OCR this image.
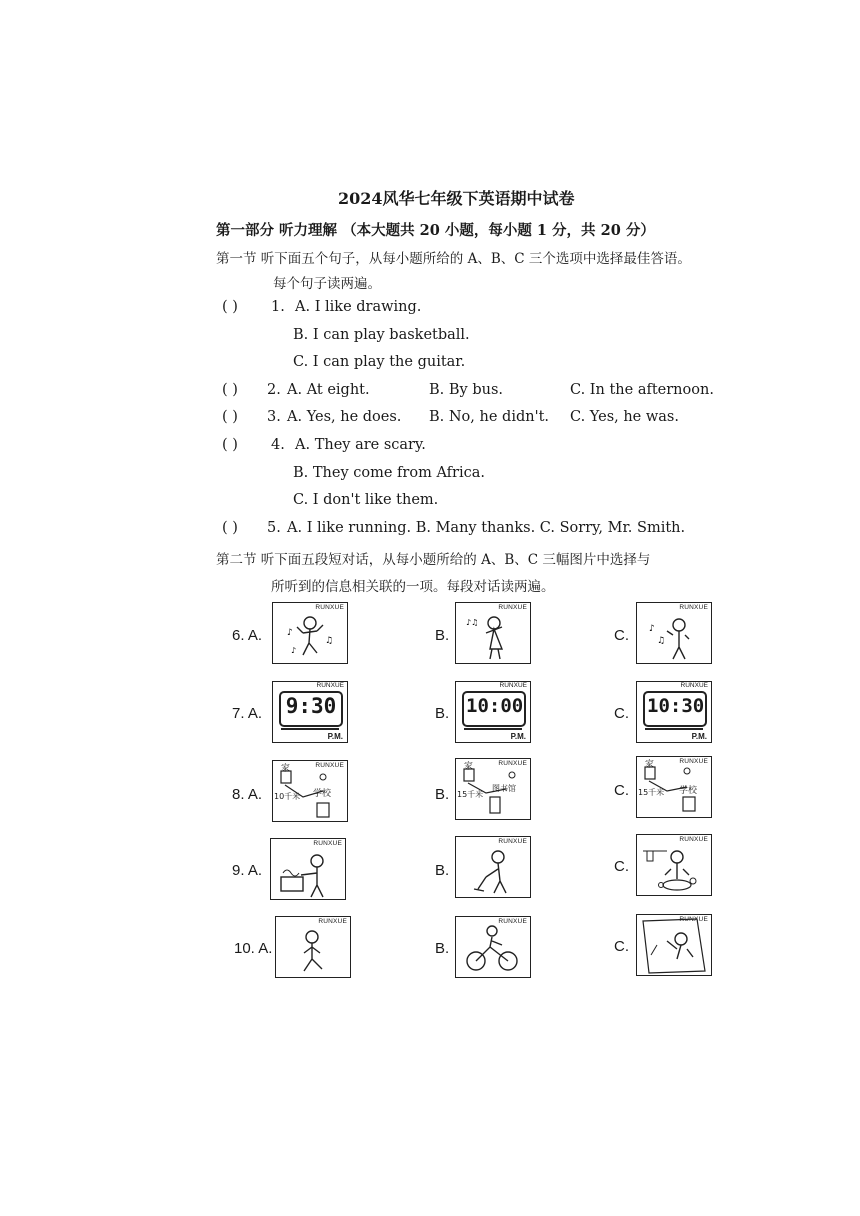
2024风华七年级下英语期中试卷
第一部分 听力理解 （本大题共 20 小题，每小题 1 分，共 20 分）
第一节 听下面五个句子，从每小题所给的 A、B、C 三个选项中选择最佳答语。
每个句子读两遍。
( ) 1. A. I like drawing.
B. I can play basketball.
C. I can play the guitar.
( ) 2. A. At eight.	B. By bus.	C. In the afternoon.
( ) 3. A. Yes, he does. B. No, he didn't. C. Yes, he was.
( ) 4. A. They are scary.
B. They come from Africa.
C. I don't like them.
( ) 5. A. I like running. B. Many thanks. C. Sorry, Mr. Smith.
第二节 听下面五段短对话，从每小题所给的 A、B、C 三幅图片中选择与
所听到的信息相关联的一项。每段对话读两遍。
6. A.
RUNXUE
♪
♫
♪
B.
RUNXUE
♪♫
C.
RUNXUE
♪
♫
7. A.
RUNXUE
9:30
P.M.
B.
RUNXUE
10:00
P.M.
C.
RUNXUE
10:30
P.M.
8. A.
RUNXUE
家
10千米 学校	B.
RUNXUE
家
15千米
图书馆	C.
RUNXUE
家
15千米 学校
9. A.
RUNXUE
B.
RUNXUE
C.
RUNXUE
10. A.
RUNXUE
B.
RUNXUE
C.
RUNXUE
